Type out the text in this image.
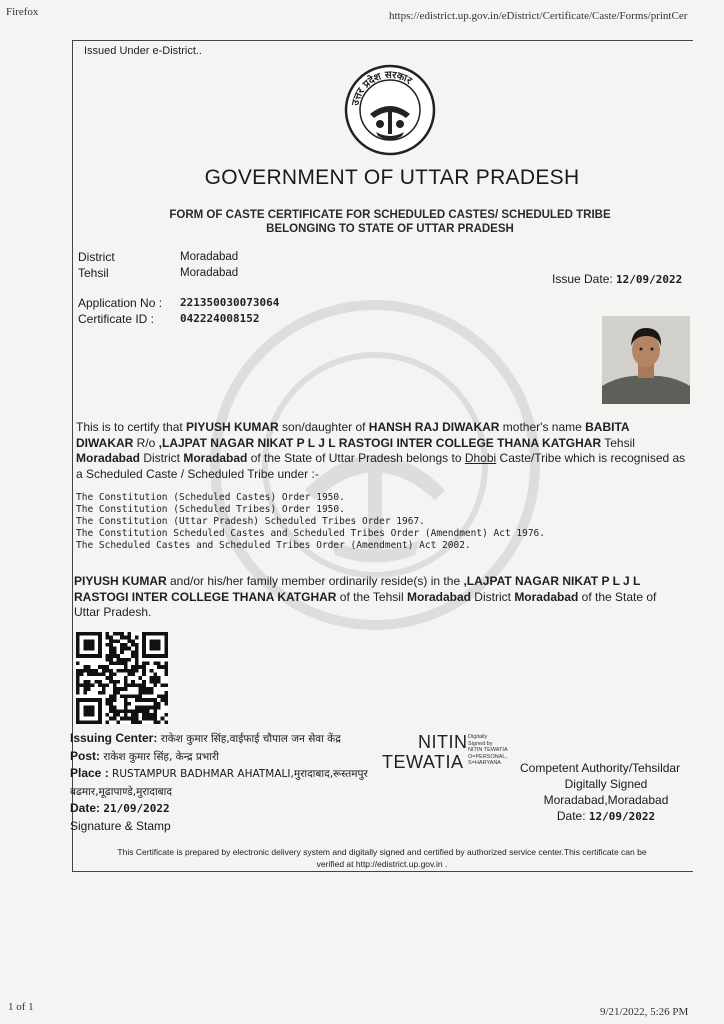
Firefox	https://edistrict.up.gov.in/eDistrict/Certificate/Caste/Forms/printCer
1 of 1	9/21/2022, 5:26 PM
Issued Under e-District..
उत्तर प्रदेश सरकार
GOVERNMENT OF UTTAR PRADESH
FORM OF CASTE CERTIFICATE FOR SCHEDULED CASTES/ SCHEDULED TRIBE
BELONGING TO STATE OF UTTAR PRADESH
District	Moradabad
Tehsil	Moradabad	Issue Date: 12/09/2022
Application No : 221350030073064
Certificate ID : 042224008152
This is to certify that PIYUSH KUMAR son/daughter of HANSH RAJ DIWAKAR mother's name BABITA DIWAKAR R/o ,LAJPAT NAGAR NIKAT P L J L RASTOGI INTER COLLEGE THANA KATGHAR Tehsil Moradabad District Moradabad of the State of Uttar Pradesh belongs to Dhobi Caste/Tribe which is recognised as a Scheduled Caste / Scheduled Tribe under :-
The Constitution (Scheduled Castes) Order 1950.
The Constitution (Scheduled Tribes) Order 1950.
The Constitution (Uttar Pradesh) Scheduled Tribes Order 1967.
The Constitution Scheduled Castes and Scheduled Tribes Order (Amendment) Act 1976.
The Scheduled Castes and Scheduled Tribes Order (Amendment) Act 2002.
PIYUSH KUMAR and/or his/her family member ordinarily reside(s) in the ,LAJPAT NAGAR NIKAT P L J L RASTOGI INTER COLLEGE THANA KATGHAR of the Tehsil Moradabad District Moradabad of the State of Uttar Pradesh.
Issuing Center: राकेश कुमार सिंह,वाईफाई चौपाल जन सेवा केंद्र
Post: राकेश कुमार सिंह, केन्द्र प्रभारी
Place : RUSTAMPUR BADHMAR AHATMALI,मुरादाबाद,रूस्तमपुर बढमार,मूढापाण्डे,मुरादाबाद
Date: 21/09/2022
Signature & Stamp
NITIN
TEWATIA
Digitally
Signed by
NITIN TEWATIA
O=PERSONAL,
S=HARYANA	Competent Authority/Tehsildar
Digitally Signed
Moradabad,Moradabad
Date: 12/09/2022
This Certificate is prepared by electronic delivery system and digitally signed and certified by authorized service center.This certificate can be
verified at http://edistrict.up.gov.in .
